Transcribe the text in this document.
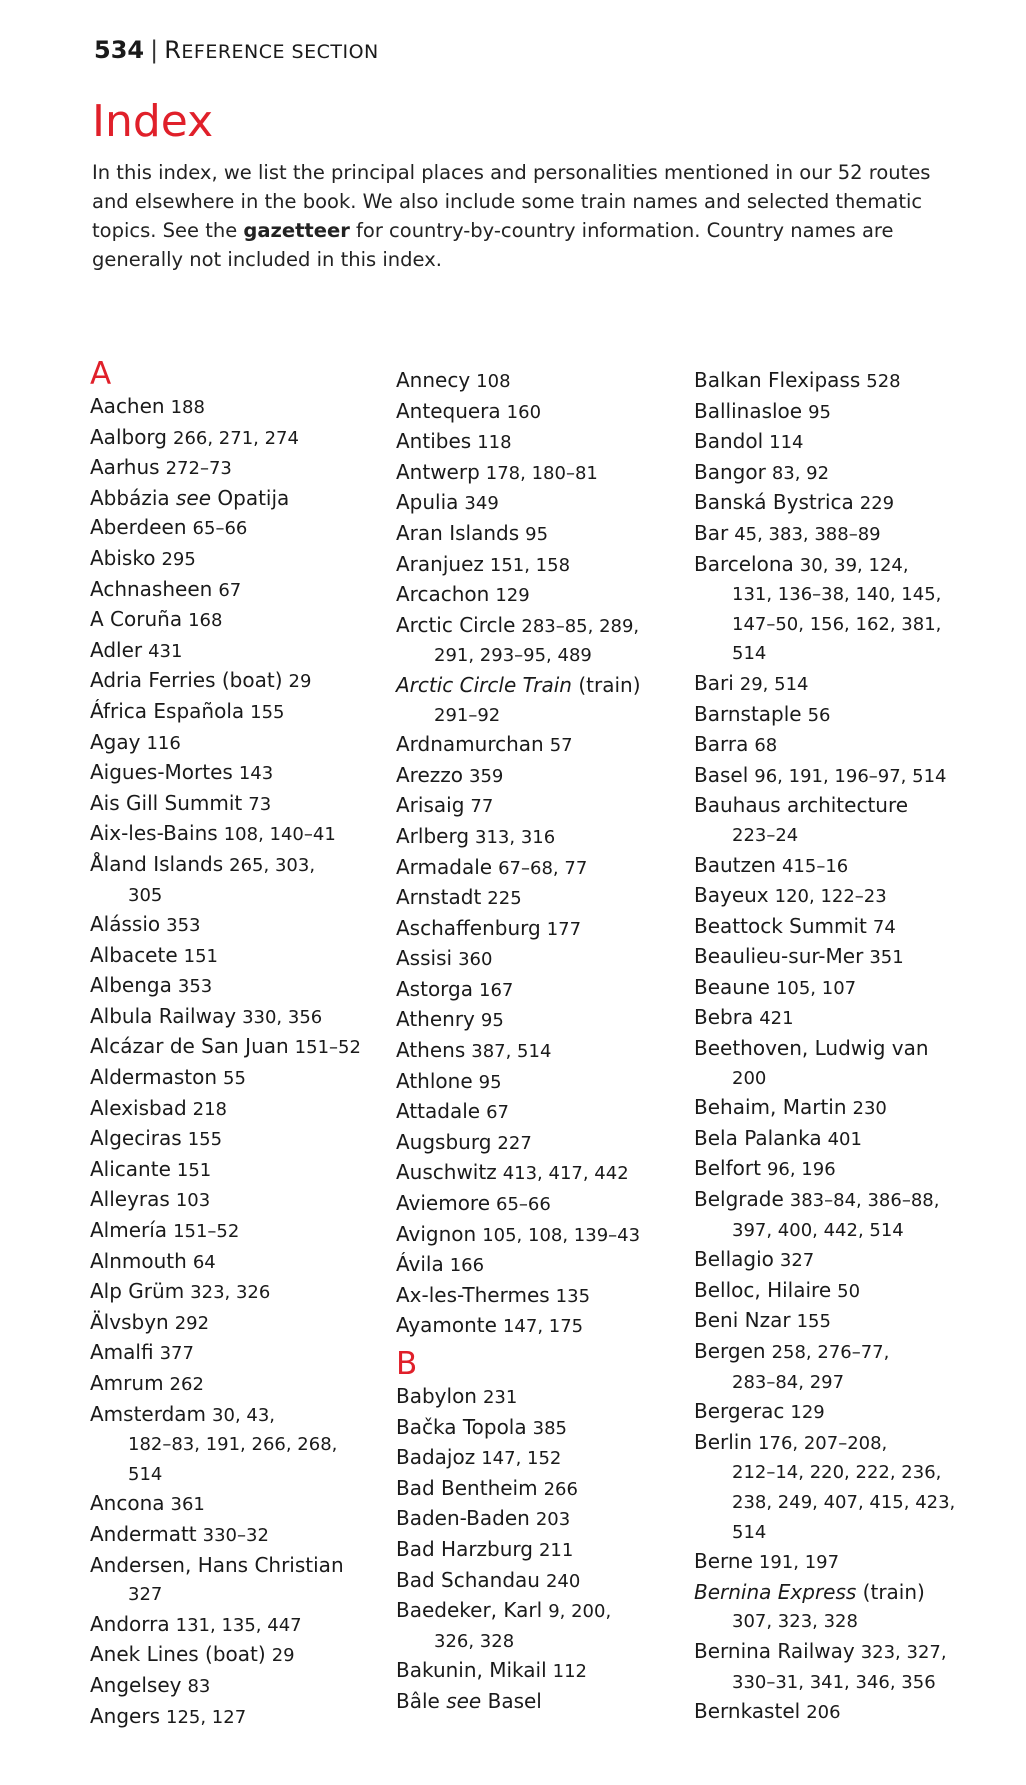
534 | REFERENCE SECTION
Index
In this index, we list the principal places and personalities mentioned in our 52 routes and elsewhere in the book. We also include some train names and selected thematic topics. See the gazetteer for country-by-country information. Country names are generally not included in this index.
A
Aachen 188
Aalborg 266, 271, 274
Aarhus 272–73
Abbázia see Opatija
Aberdeen 65–66
Abisko 295
Achnasheen 67
A Coruña 168
Adler 431
Adria Ferries (boat) 29
África Española 155
Agay 116
Aigues-Mortes 143
Ais Gill Summit 73
Aix-les-Bains 108, 140–41
Åland Islands 265, 303,
305
Alássio 353
Albacete 151
Albenga 353
Albula Railway 330, 356
Alcázar de San Juan 151–52
Aldermaston 55
Alexisbad 218
Algeciras 155
Alicante 151
Alleyras 103
Almería 151–52
Alnmouth 64
Alp Grüm 323, 326
Älvsbyn 292
Amalfi 377
Amrum 262
Amsterdam 30, 43,
182–83, 191, 266, 268,
514
Ancona 361
Andermatt 330–32
Andersen, Hans Christian
327
Andorra 131, 135, 447
Anek Lines (boat) 29
Angelsey 83
Angers 125, 127
Annecy 108
Antequera 160
Antibes 118
Antwerp 178, 180–81
Apulia 349
Aran Islands 95
Aranjuez 151, 158
Arcachon 129
Arctic Circle 283–85, 289,
291, 293–95, 489
Arctic Circle Train (train)
291–92
Ardnamurchan 57
Arezzo 359
Arisaig 77
Arlberg 313, 316
Armadale 67–68, 77
Arnstadt 225
Aschaffenburg 177
Assisi 360
Astorga 167
Athenry 95
Athens 387, 514
Athlone 95
Attadale 67
Augsburg 227
Auschwitz 413, 417, 442
Aviemore 65–66
Avignon 105, 108, 139–43
Ávila 166
Ax-les-Thermes 135
Ayamonte 147, 175
B
Babylon 231
Bačka Topola 385
Badajoz 147, 152
Bad Bentheim 266
Baden-Baden 203
Bad Harzburg 211
Bad Schandau 240
Baedeker, Karl 9, 200,
326, 328
Bakunin, Mikail 112
Bâle see Basel
Balkan Flexipass 528
Ballinasloe 95
Bandol 114
Bangor 83, 92
Banská Bystrica 229
Bar 45, 383, 388–89
Barcelona 30, 39, 124,
131, 136–38, 140, 145,
147–50, 156, 162, 381,
514
Bari 29, 514
Barnstaple 56
Barra 68
Basel 96, 191, 196–97, 514
Bauhaus architecture
223–24
Bautzen 415–16
Bayeux 120, 122–23
Beattock Summit 74
Beaulieu-sur-Mer 351
Beaune 105, 107
Bebra 421
Beethoven, Ludwig van
200
Behaim, Martin 230
Bela Palanka 401
Belfort 96, 196
Belgrade 383–84, 386–88,
397, 400, 442, 514
Bellagio 327
Belloc, Hilaire 50
Beni Nzar 155
Bergen 258, 276–77,
283–84, 297
Bergerac 129
Berlin 176, 207–208,
212–14, 220, 222, 236,
238, 249, 407, 415, 423,
514
Berne 191, 197
Bernina Express (train)
307, 323, 328
Bernina Railway 323, 327,
330–31, 341, 346, 356
Bernkastel 206
